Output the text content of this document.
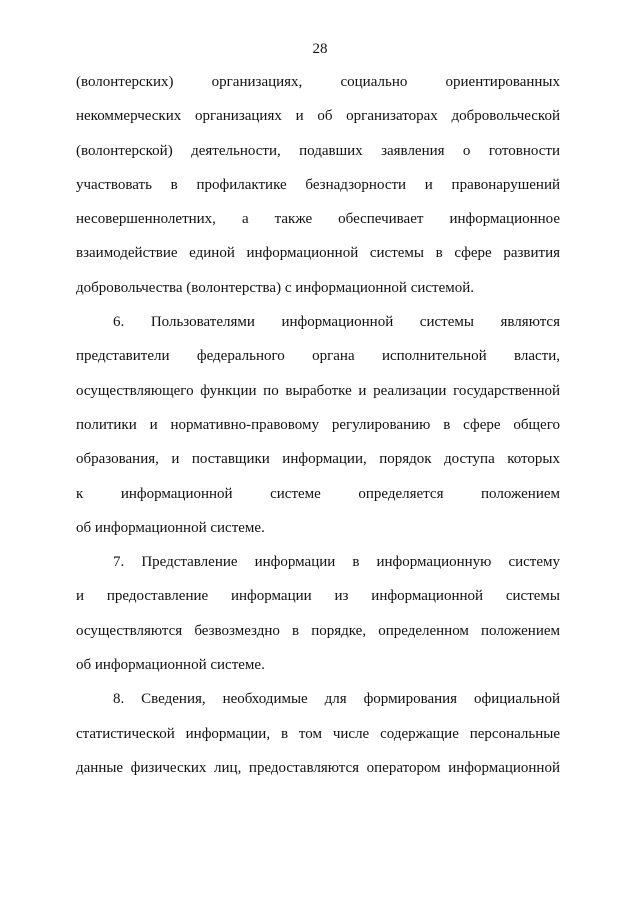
28
(волонтерских) организациях, социально ориентированных
некоммерческих организациях и об организаторах добровольческой
(волонтерской) деятельности, подавших заявления о готовности
участвовать в профилактике безнадзорности и правонарушений
несовершеннолетних, а также обеспечивает информационное
взаимодействие единой информационной системы в сфере развития
добровольчества (волонтерства) с информационной системой.
6. Пользователями информационной системы являются
представители федерального органа исполнительной власти,
осуществляющего функции по выработке и реализации государственной
политики и нормативно-правовому регулированию в сфере общего
образования, и поставщики информации, порядок доступа которых
к информационной системе определяется положением
об информационной системе.
7. Представление информации в информационную систему
и предоставление информации из информационной системы
осуществляются безвозмездно в порядке, определенном положением
об информационной системе.
8. Сведения, необходимые для формирования официальной
статистической информации, в том числе содержащие персональные
данные физических лиц, предоставляются оператором информационной
